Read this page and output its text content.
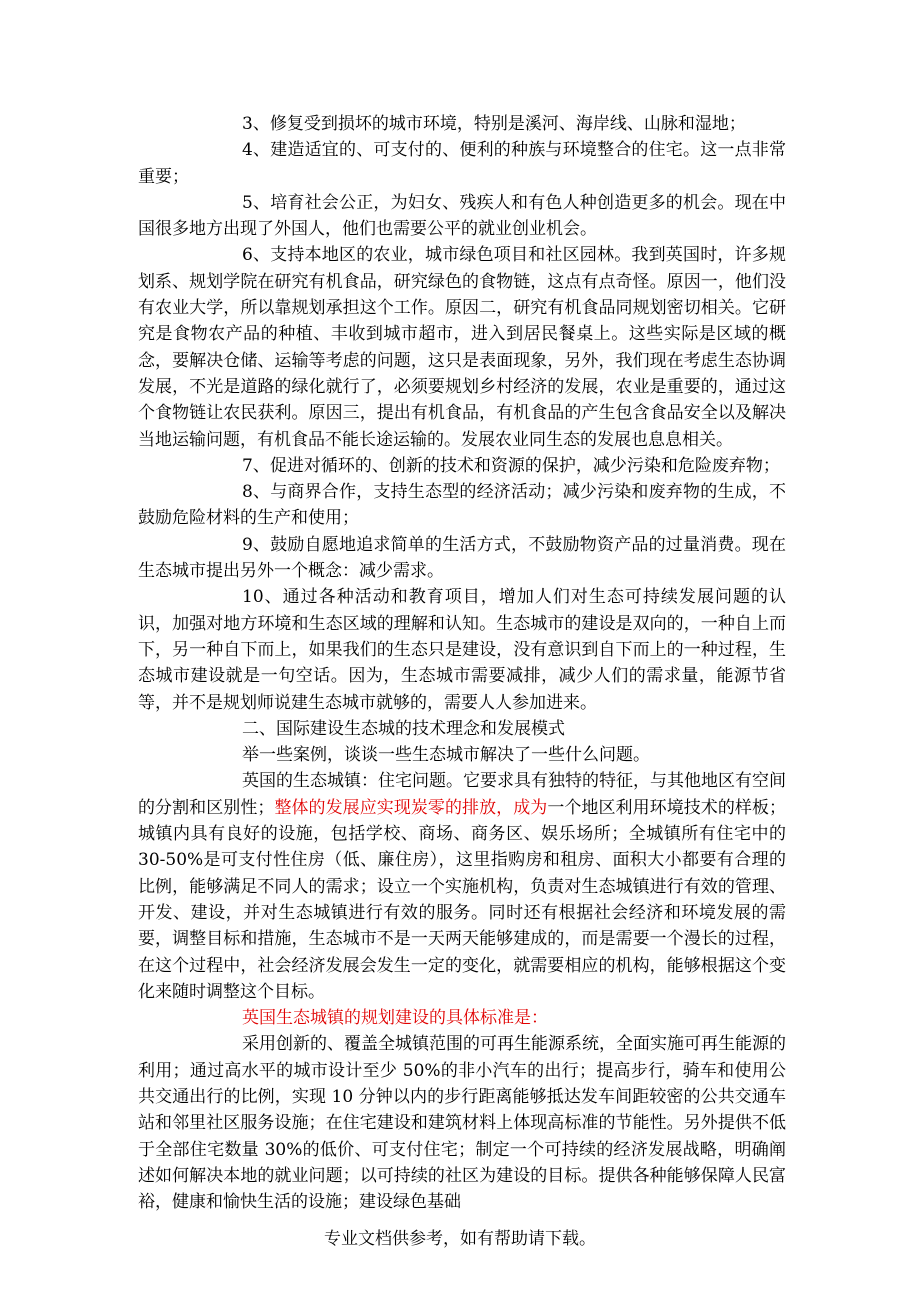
3、修复受到损坏的城市环境，特别是溪河、海岸线、山脉和湿地；

4、建造适宜的、可支付的、便利的种族与环境整合的住宅。这一点非常重要；

5、培育社会公正，为妇女、残疾人和有色人种创造更多的机会。现在中国很多地方出现了外国人，他们也需要公平的就业创业机会。

6、支持本地区的农业，城市绿色项目和社区园林。我到英国时，许多规划系、规划学院在研究有机食品，研究绿色的食物链，这点有点奇怪。原因一，他们没有农业大学，所以靠规划承担这个工作。原因二，研究有机食品同规划密切相关。它研究是食物农产品的种植、丰收到城市超市，进入到居民餐桌上。这些实际是区域的概念，要解决仓储、运输等考虑的问题，这只是表面现象，另外，我们现在考虑生态协调发展，不光是道路的绿化就行了，必须要规划乡村经济的发展，农业是重要的，通过这个食物链让农民获利。原因三，提出有机食品，有机食品的产生包含食品安全以及解决当地运输问题，有机食品不能长途运输的。发展农业同生态的发展也息息相关。

7、促进对循环的、创新的技术和资源的保护，减少污染和危险废弃物；

8、与商界合作，支持生态型的经济活动；减少污染和废弃物的生成，不鼓励危险材料的生产和使用；

9、鼓励自愿地追求简单的生活方式，不鼓励物资产品的过量消费。现在生态城市提出另外一个概念：减少需求。

10、通过各种活动和教育项目，增加人们对生态可持续发展问题的认识，加强对地方环境和生态区域的理解和认知。生态城市的建设是双向的，一种自上而下，另一种自下而上，如果我们的生态只是建设，没有意识到自下而上的一种过程，生态城市建设就是一句空话。因为，生态城市需要减排，减少人们的需求量，能源节省等，并不是规划师说建生态城市就够的，需要人人参加进来。

二、国际建设生态城的技术理念和发展模式

举一些案例，谈谈一些生态城市解决了一些什么问题。

英国的生态城镇：住宅问题。它要求具有独特的特征，与其他地区有空间的分割和区别性；整体的发展应实现炭零的排放，成为一个地区利用环境技术的样板；城镇内具有良好的设施，包括学校、商场、商务区、娱乐场所；全城镇所有住宅中的 30-50%是可支付性住房（低、廉住房），这里指购房和租房、面积大小都要有合理的比例，能够满足不同人的需求；设立一个实施机构，负责对生态城镇进行有效的管理、开发、建设，并对生态城镇进行有效的服务。同时还有根据社会经济和环境发展的需要，调整目标和措施，生态城市不是一天两天能够建成的，而是需要一个漫长的过程，在这个过程中，社会经济发展会发生一定的变化，就需要相应的机构，能够根据这个变化来随时调整这个目标。

英国生态城镇的规划建设的具体标准是：

采用创新的、覆盖全城镇范围的可再生能源系统，全面实施可再生能源的利用；通过高水平的城市设计至少 50%的非小汽车的出行；提高步行，骑车和使用公共交通出行的比例，实现 10 分钟以内的步行距离能够抵达发车间距较密的公共交通车站和邻里社区服务设施；在住宅建设和建筑材料上体现高标准的节能性。另外提供不低于全部住宅数量 30%的低价、可支付住宅；制定一个可持续的经济发展战略，明确阐述如何解决本地的就业问题；以可持续的社区为建设的目标。提供各种能够保障人民富裕，健康和愉快生活的设施；建设绿色基础

专业文档供参考，如有帮助请下载。
